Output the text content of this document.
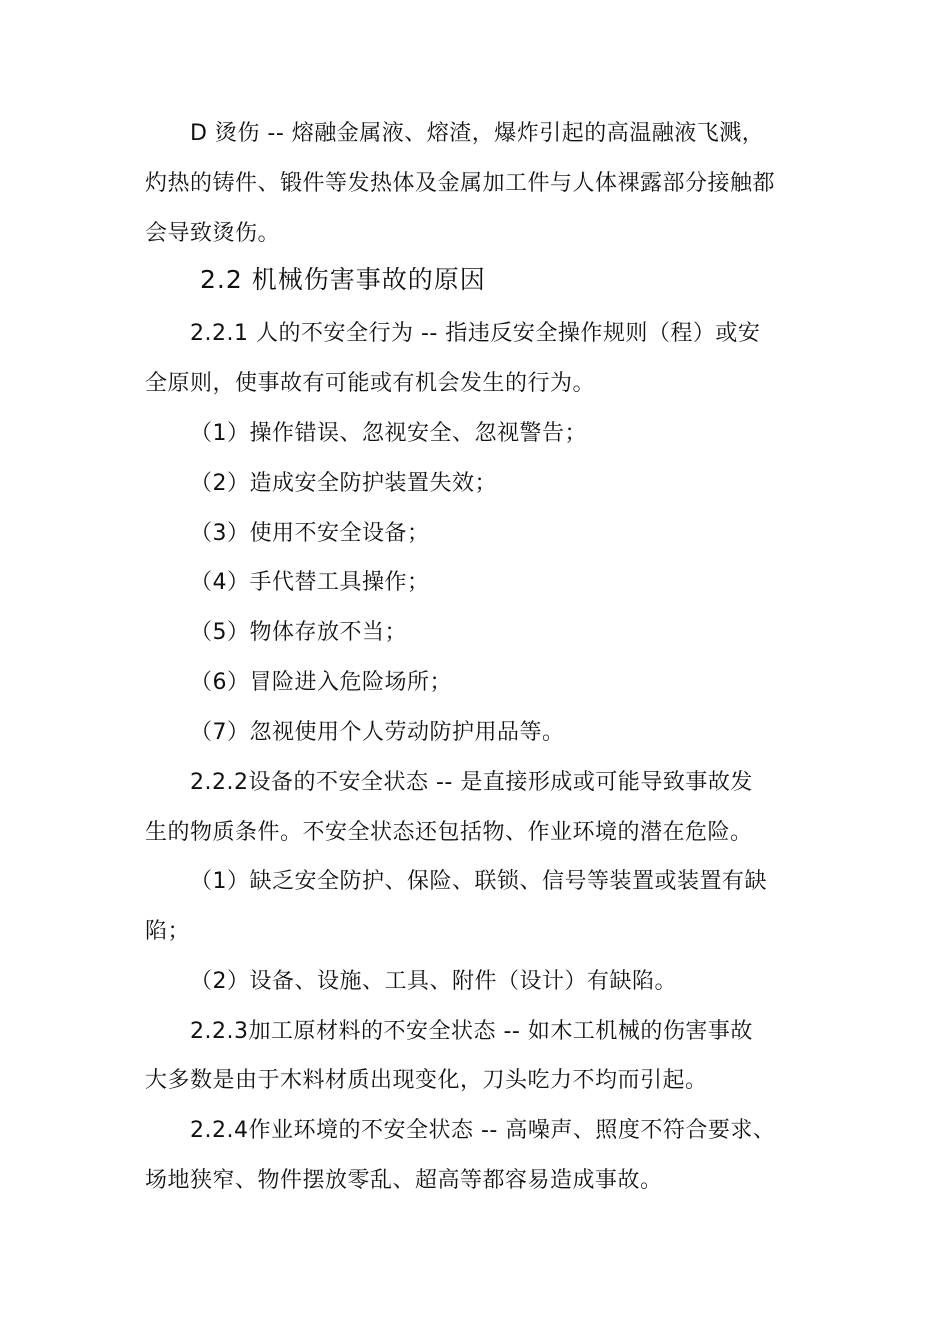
D 烫伤 -- 熔融金属液、熔渣，爆炸引起的高温融液飞溅，
灼热的铸件、锻件等发热体及金属加工件与人体裸露部分接触都
会导致烫伤。
2.2 机械伤害事故的原因
2.2.1 人的不安全行为 -- 指违反安全操作规则（程）或安
全原则，使事故有可能或有机会发生的行为。
（1）操作错误、忽视安全、忽视警告；
（2）造成安全防护装置失效；
（3）使用不安全设备；
（4）手代替工具操作；
（5）物体存放不当；
（6）冒险进入危险场所；
（7）忽视使用个人劳动防护用品等。
2.2.2设备的不安全状态 -- 是直接形成或可能导致事故发
生的物质条件。不安全状态还包括物、作业环境的潜在危险。
（1）缺乏安全防护、保险、联锁、信号等装置或装置有缺
陷；
（2）设备、设施、工具、附件（设计）有缺陷。
2.2.3加工原材料的不安全状态 -- 如木工机械的伤害事故
大多数是由于木料材质出现变化，刀头吃力不均而引起。
2.2.4作业环境的不安全状态 -- 高噪声、照度不符合要求、
场地狭窄、物件摆放零乱、超高等都容易造成事故。
